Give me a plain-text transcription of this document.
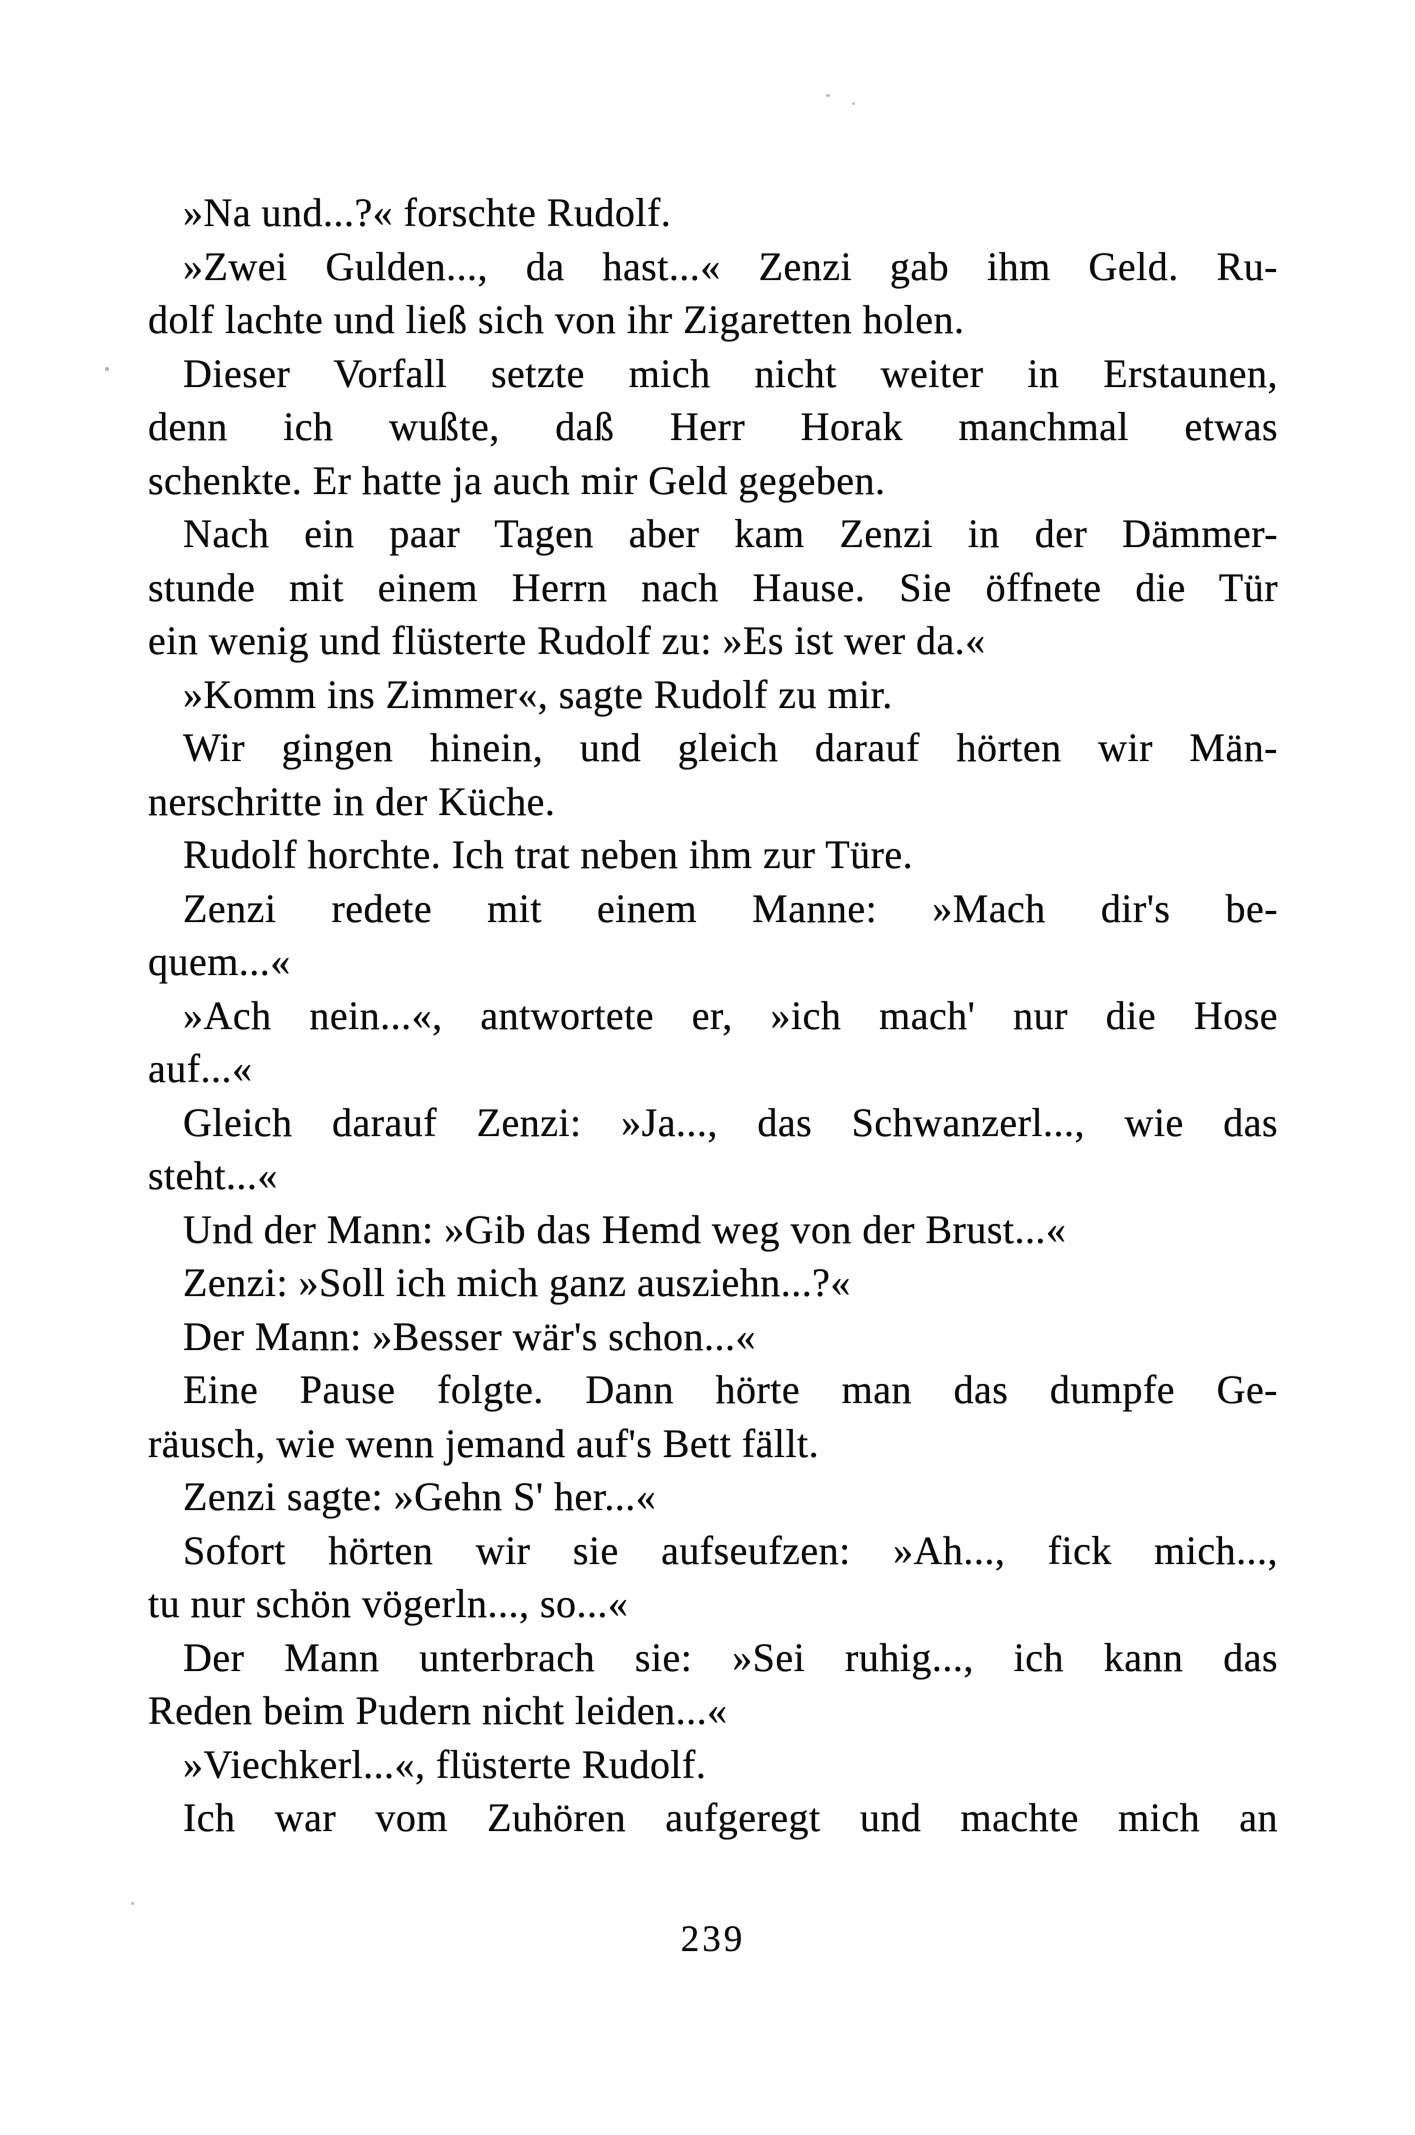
»Na und...?« forschte Rudolf.
»Zwei Gulden..., da hast...« Zenzi gab ihm Geld. Ru-
dolf lachte und ließ sich von ihr Zigaretten holen.
Dieser Vorfall setzte mich nicht weiter in Erstaunen,
denn ich wußte, daß Herr Horak manchmal etwas
schenkte. Er hatte ja auch mir Geld gegeben.
Nach ein paar Tagen aber kam Zenzi in der Dämmer-
stunde mit einem Herrn nach Hause. Sie öffnete die Tür
ein wenig und flüsterte Rudolf zu: »Es ist wer da.«
»Komm ins Zimmer«, sagte Rudolf zu mir.
Wir gingen hinein, und gleich darauf hörten wir Män-
nerschritte in der Küche.
Rudolf horchte. Ich trat neben ihm zur Türe.
Zenzi redete mit einem Manne: »Mach dir's be-
quem...«
»Ach nein...«, antwortete er, »ich mach' nur die Hose
auf...«
Gleich darauf Zenzi: »Ja..., das Schwanzerl..., wie das
steht...«
Und der Mann: »Gib das Hemd weg von der Brust...«
Zenzi: »Soll ich mich ganz ausziehn...?«
Der Mann: »Besser wär's schon...«
Eine Pause folgte. Dann hörte man das dumpfe Ge-
räusch, wie wenn jemand auf's Bett fällt.
Zenzi sagte: »Gehn S' her...«
Sofort hörten wir sie aufseufzen: »Ah..., fick mich...,
tu nur schön vögerln..., so...«
Der Mann unterbrach sie: »Sei ruhig..., ich kann das
Reden beim Pudern nicht leiden...«
»Viechkerl...«, flüsterte Rudolf.
Ich war vom Zuhören aufgeregt und machte mich an
239
